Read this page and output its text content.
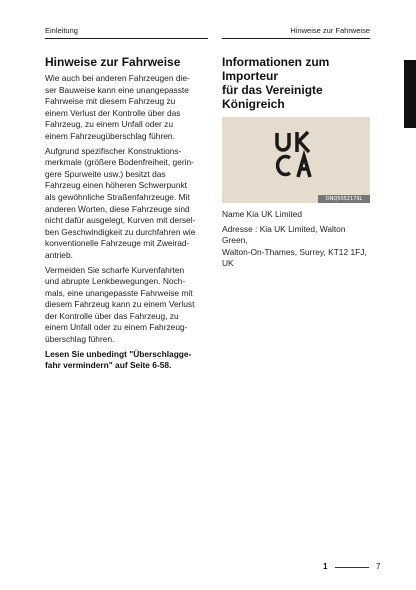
Einleitung	Hinweise zur Fahrweise
Hinweise zur Fahrweise

Wie auch bei anderen Fahrzeugen die-
ser Bauweise kann eine unangepasste
Fahrweise mit diesem Fahrzeug zu
einem Verlust der Kontrolle über das
Fahrzeug, zu einem Unfall oder zu
einem Fahrzeugüberschlag führen.

Aufgrund spezifischer Konstruktions-
merkmale (größere Bodenfreiheit, gerin-
gere Spurweite usw.) besitzt das
Fahrzeug einen höheren Schwerpunkt
als gewöhnliche Straßenfahrzeuge. Mit
anderen Worten, diese Fahrzeuge sind
nicht dafür ausgelegt, Kurven mit dersel-
ben Geschwindigkeit zu durchfahren wie
konventionelle Fahrzeuge mit Zweirad-
antrieb.

Vermeiden Sie scharfe Kurvenfahrten
und abrupte Lenkbewegungen. Noch-
mals, eine unangepasste Fahrweise mit
diesem Fahrzeug kann zu einem Verlust
der Kontrolle über das Fahrzeug, zu
einem Unfall oder zu einem Fahrzeug-
überschlag führen.

Lesen Sie unbedingt "Überschlagge-
fahr vermindern" auf Seite 6-58.

Informationen zum Importeur
für das Vereinigte Königreich
ONQ5052179L

Name Kia UK Limited

Adresse : Kia UK Limited, Walton Green,
Walton-On-Thames, Surrey, KT12 1FJ,
UK

1
1	7
